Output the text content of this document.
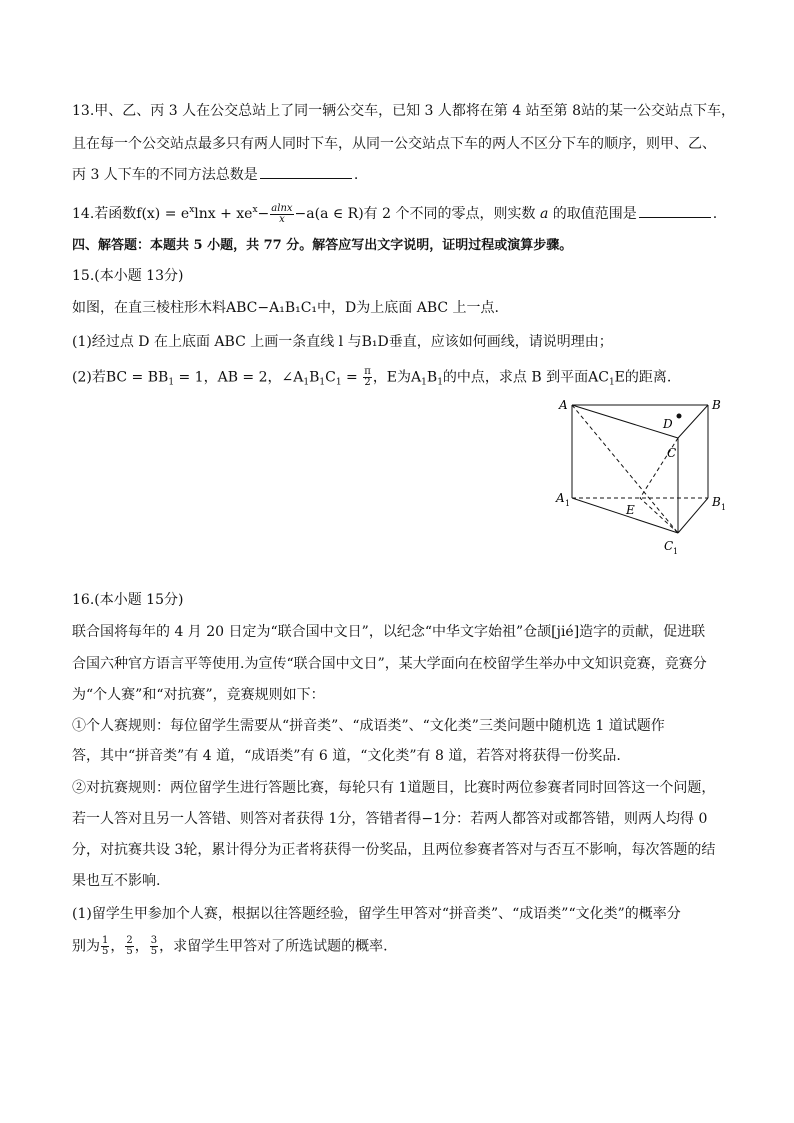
13.甲、乙、丙 3 人在公交总站上了同一辆公交车，已知 3 人都将在第 4 站至第 8站的某一公交站点下车，
且在每一个公交站点最多只有两人同时下车，从同一公交站点下车的两人不区分下车的顺序，则甲、乙、
丙 3 人下车的不同方法总数是	.
14.若函数$f(x) = e^x\ln x + xe^x- \frac{alnx}{x} -a(a$ ∈ R)有 2 个不同的零点，则实数 a 的取值范围是	.
四、解答题：本题共 5 小题，共 77 分。解答应写出文字说明，证明过程或演算步骤。
15.(本小题 13分)
如图，在直三棱柱形木料ABC−A₁B₁C₁中，D为上底面 ABC 上一点.
(1)经过点 D 在上底面 ABC 上画一条直线 l 与B₁D垂直，应该如何画线，请说明理由；
(2)若BC = $BB_1 = 1$，AB = 2，$\angle A_1B_1C_1 = \frac{\pi}{2}$ ，E为$A_1B_1$的中点，求点 B 到平面$AC_1E$的距离.
A	B
D
C
A 1	B 1
E
C 1
16.(本小题 15分)
联合国将每年的 4 月 20 日定为“联合国中文日”，以纪念“中华文字始祖”仓颉[jié]造字的贡献，促进联
合国六种官方语言平等使用.为宣传“联合国中文日”，某大学面向在校留学生举办中文知识竞赛，竞赛分
为“个人赛”和“对抗赛”，竞赛规则如下：
①个人赛规则：每位留学生需要从“拼音类”、“成语类”、“文化类”三类问题中随机选 1 道试题作
答，其中“拼音类”有 4 道，“成语类”有 6 道，“文化类”有 8 道，若答对将获得一份奖品.
②对抗赛规则：两位留学生进行答题比赛，每轮只有 1道题目，比赛时两位参赛者同时回答这一个问题，
若一人答对且另一人答错、则答对者获得 1分，答错者得−1分：若两人都答对或都答错，则两人均得 0
分，对抗赛共设 3轮，累计得分为正者将获得一份奖品，且两位参赛者答对与否互不影响，每次答题的结
果也互不影响.
(1)留学生甲参加个人赛，根据以往答题经验，留学生甲答对“拼音类”、“成语类”“文化类”的概率分
别为 $\frac{1}{5}$ ， $\frac{2}{5}$ ， $\frac{3}{5}$ ，求留学生甲答对了所选试题的概率.
